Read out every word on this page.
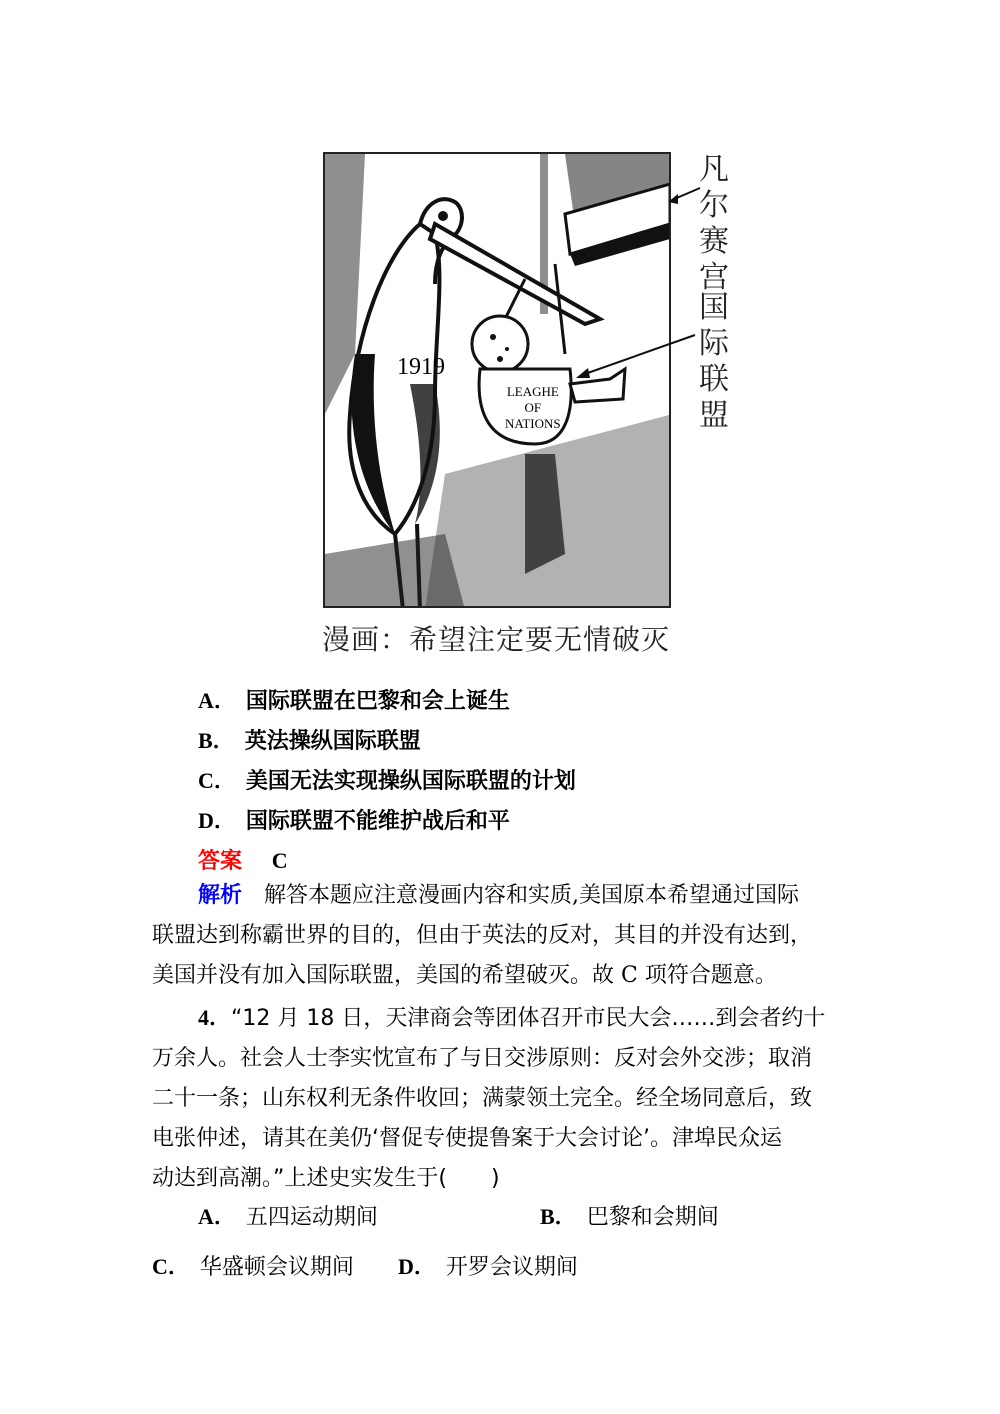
1919
LEAGHE
OF
NATIONS
凡尔赛宫
国际联盟
漫画：希望注定要无情破灭
A． 国际联盟在巴黎和会上诞生
B． 英法操纵国际联盟
C． 美国无法实现操纵国际联盟的计划
D． 国际联盟不能维护战后和平
答案 C
解析 解答本题应注意漫画内容和实质,美国原本希望通过国际
联盟达到称霸世界的目的，但由于英法的反对，其目的并没有达到，
美国并没有加入国际联盟，美国的希望破灭。故 C 项符合题意。
4．“12 月 18 日，天津商会等团体召开市民大会……到会者约十
万余人。社会人士李实忱宣布了与日交涉原则：反对会外交涉；取消
二十一条；山东权利无条件收回；满蒙领土完全。经全场同意后，致
电张仲述，请其在美仍‘督促专使提鲁案于大会讨论’。津埠民众运
动达到高潮。”上述史实发生于(　　)
A． 五四运动期间	B． 巴黎和会期间
C． 华盛顿会议期间 D． 开罗会议期间
